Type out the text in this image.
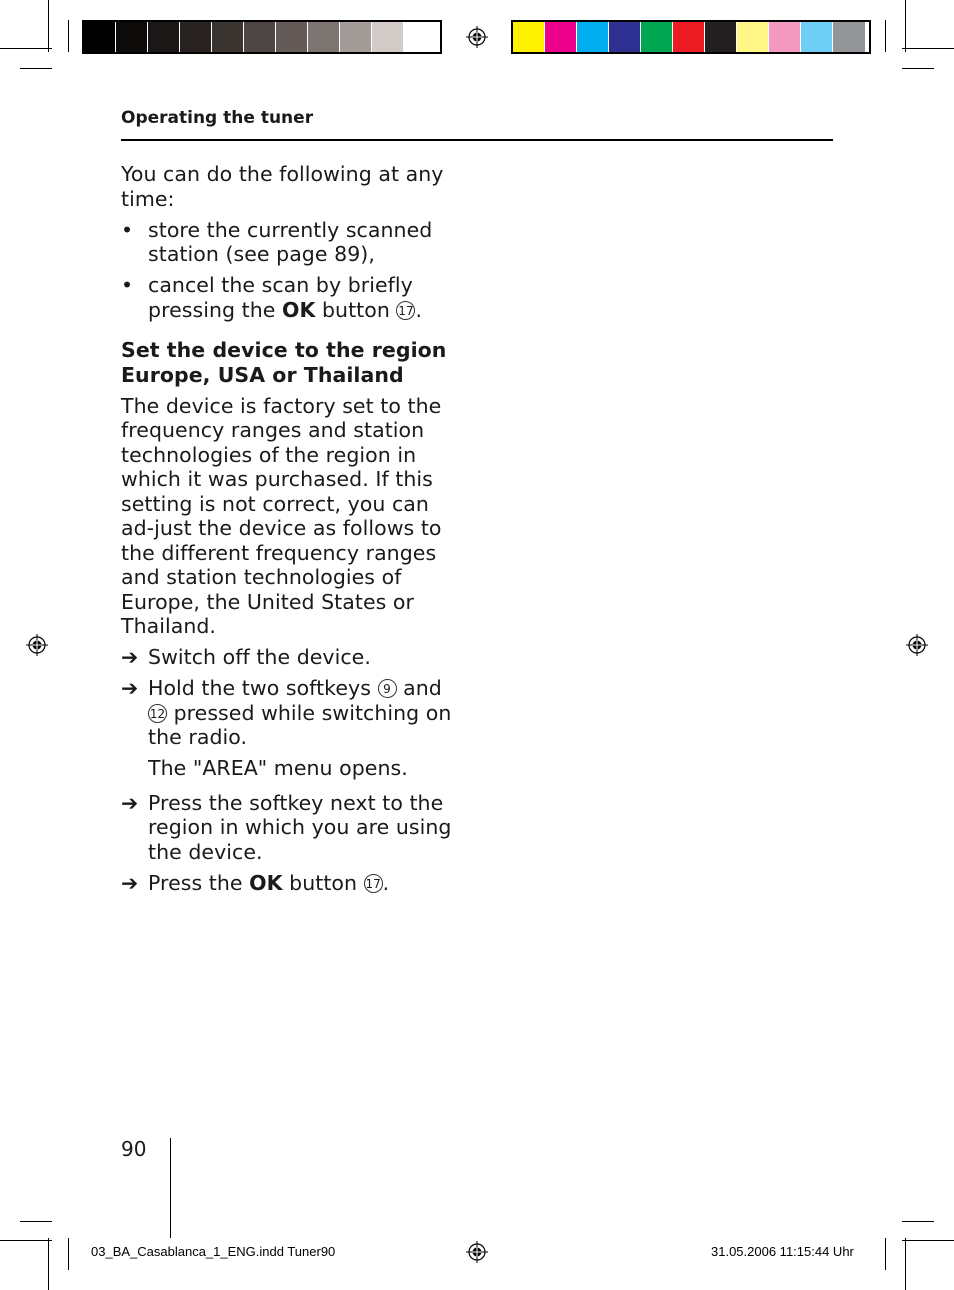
Operating the tuner

You can do the following at any time:

• store the currently scanned station (see page 89),
• cancel the scan by briefly pressing the OK button 17.
Set the device to the region Europe, USA or Thailand

The device is factory set to the frequency ranges and station technologies of the region in which it was purchased. If this setting is not correct, you can ad-just the device as follows to the different frequency ranges and station technologies of Europe, the United States or Thailand.

➔ Switch off the device.
➔ Hold the two softkeys 9 and 12 pressed while switching on the radio.

The "AREA" menu opens.

➔ Press the softkey next to the region in which you are using the device.
➔ Press the OK button 17.
90
03_BA_Casablanca_1_ENG.indd Tuner90	31.05.2006 11:15:44 Uhr
